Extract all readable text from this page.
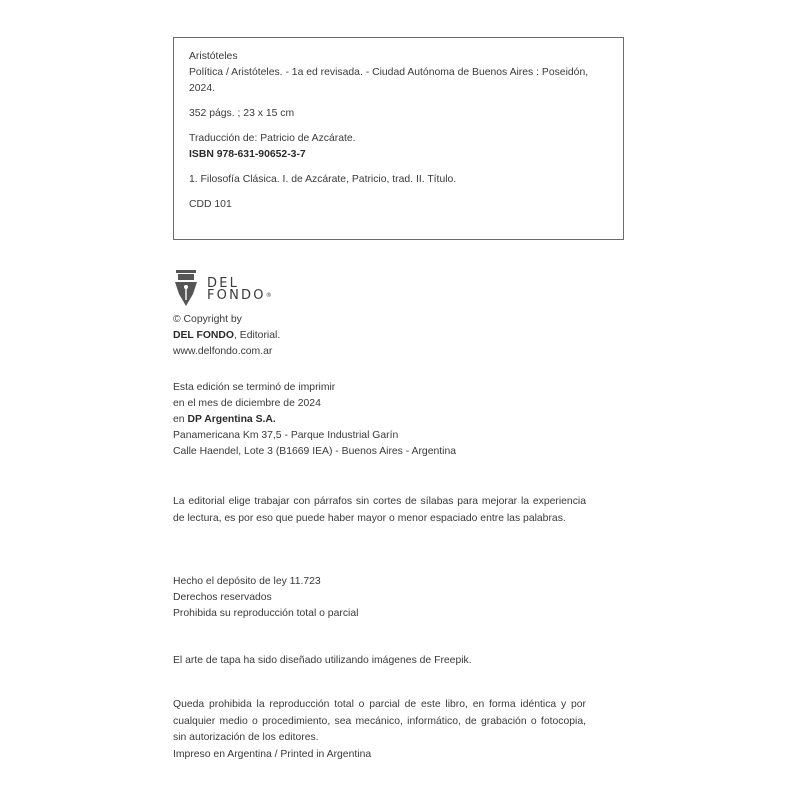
Aristóteles
Política / Aristóteles. - 1a ed revisada. - Ciudad Autónoma de Buenos Aires : Poseidón,
2024.
352 págs. ; 23 x 15 cm
Traducción de: Patricio de Azcárate.
ISBN 978-631-90652-3-7
1. Filosofía Clásica. I. de Azcárate, Patricio, trad. II. Título.
CDD 101
DEL
FONDO®
© Copyright by
DEL FONDO, Editorial.
www.delfondo.com.ar
Esta edición se terminó de imprimir
en el mes de diciembre de 2024
en DP Argentina S.A.
Panamericana Km 37,5 - Parque Industrial Garín
Calle Haendel, Lote 3 (B1669 IEA) - Buenos Aires - Argentina
La editorial elige trabajar con párrafos sin cortes de sílabas para mejorar la experiencia de lectura, es por eso que puede haber mayor o menor espaciado entre las palabras.
Hecho el depósito de ley 11.723
Derechos reservados
Prohibida su reproducción total o parcial
El arte de tapa ha sido diseñado utilizando imágenes de Freepik.
Queda prohibida la reproducción total o parcial de este libro, en forma idéntica y por cualquier medio o procedimiento, sea mecánico, informático, de grabación o fotocopia, sin autorización de los editores.
Impreso en Argentina / Printed in Argentina
